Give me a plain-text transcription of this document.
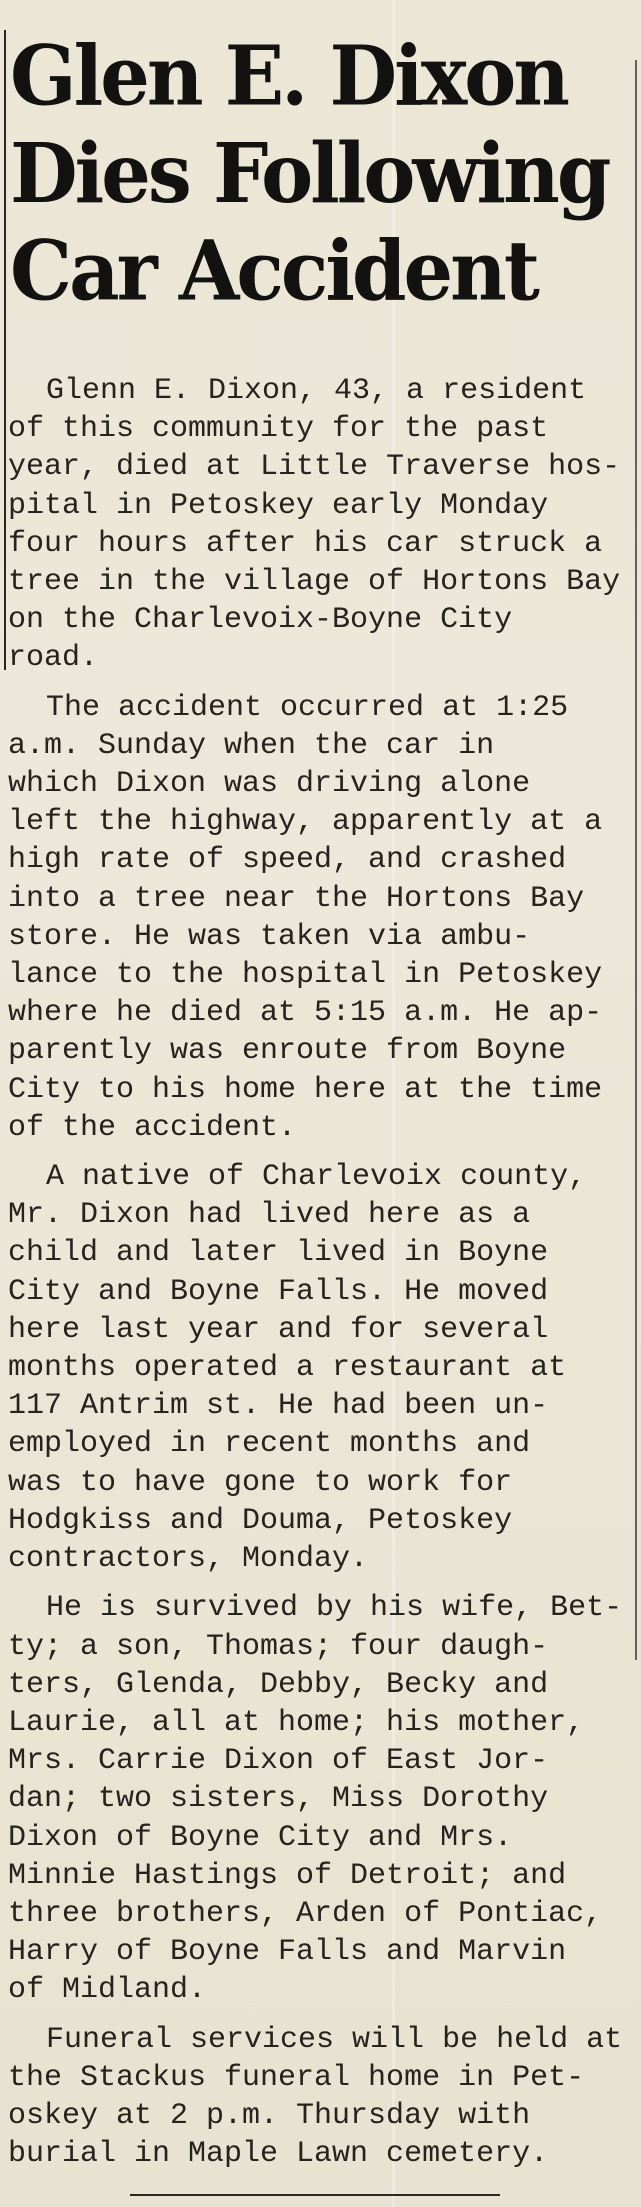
Glen E. Dixon
Dies Following
Car Accident

Glenn E. Dixon, 43, a resident
of this community for the past
year, died at Little Traverse hos-
pital in Petoskey early Monday
four hours after his car struck a
tree in the village of Hortons Bay
on the Charlevoix-Boyne City
road.

The accident occurred at 1:25
a.m. Sunday when the car in
which Dixon was driving alone
left the highway, apparently at a
high rate of speed, and crashed
into a tree near the Hortons Bay
store. He was taken via ambu-
lance to the hospital in Petoskey
where he died at 5:15 a.m. He ap-
parently was enroute from Boyne
City to his home here at the time
of the accident.

A native of Charlevoix county,
Mr. Dixon had lived here as a
child and later lived in Boyne
City and Boyne Falls. He moved
here last year and for several
months operated a restaurant at
117 Antrim st. He had been un-
employed in recent months and
was to have gone to work for
Hodgkiss and Douma, Petoskey
contractors, Monday.

He is survived by his wife, Bet-
ty; a son, Thomas; four daugh-
ters, Glenda, Debby, Becky and
Laurie, all at home; his mother,
Mrs. Carrie Dixon of East Jor-
dan; two sisters, Miss Dorothy
Dixon of Boyne City and Mrs.
Minnie Hastings of Detroit; and
three brothers, Arden of Pontiac,
Harry of Boyne Falls and Marvin
of Midland.

Funeral services will be held at
the Stackus funeral home in Pet-
oskey at 2 p.m. Thursday with
burial in Maple Lawn cemetery.
